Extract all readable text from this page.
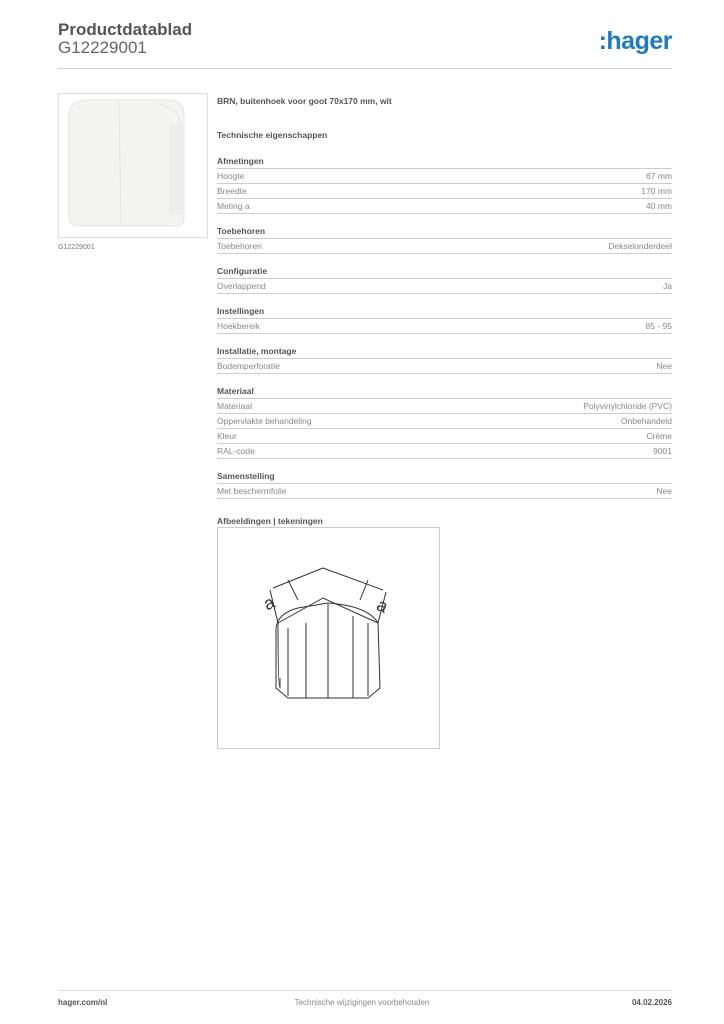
Productdatablad
G12229001	:hager
G12229001
BRN, buitenhoek voor goot 70x170 mm, wit
Technische eigenschappen
Afmetingen
Hoogte	67 mm
Breedte	170 mm
Meting a	40 mm
Toebehoren
Toebehoren	Dekselonderdeel
Configuratie
Overlappend	Ja
Instellingen
Hoekbereik	85 - 95
Installatie, montage
Bodemperforatie	Nee
Materiaal
Materiaal	Polyvinylchloride (PVC)
Oppervlakte behandeling	Onbehandeld
Kleur	Crème
RAL-code	9001
Samenstelling
Met beschermfolie	Nee
Afbeeldingen | tekeningen
a	a
hager.com/nl	Technische wijzigingen voorbehouden	04.02.2026
